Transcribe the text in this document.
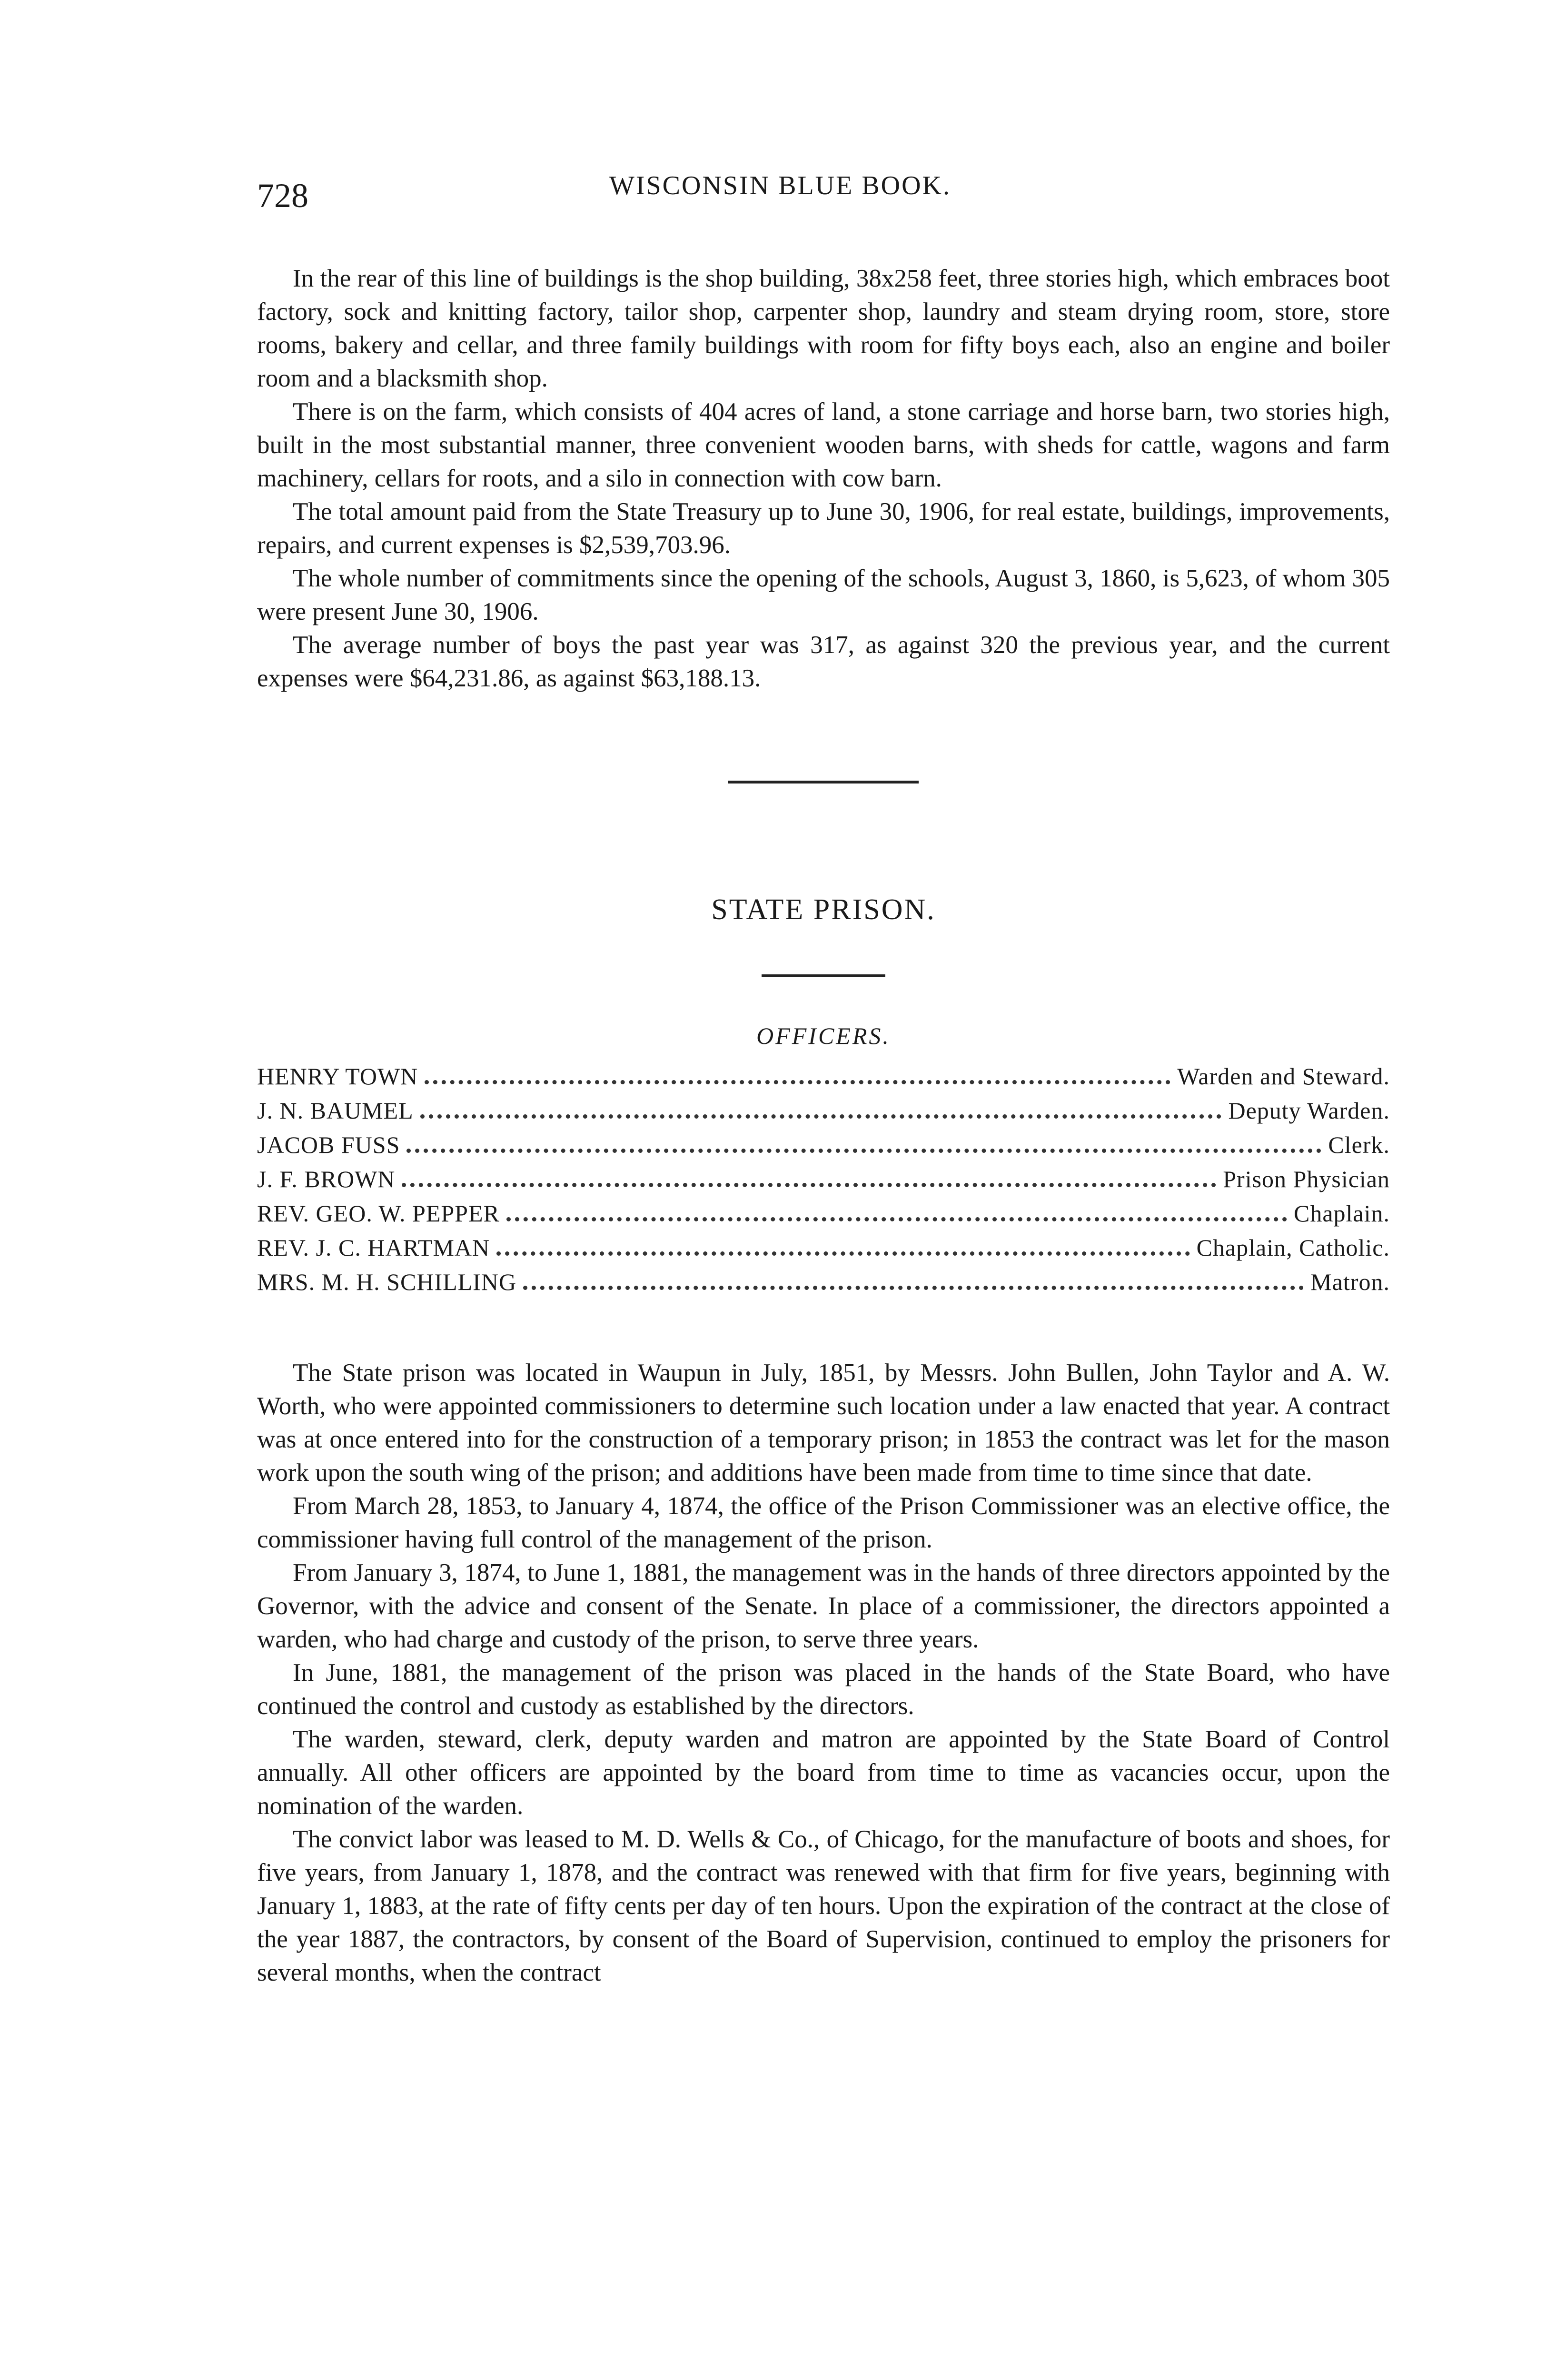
728	WISCONSIN BLUE BOOK.

In the rear of this line of buildings is the shop building, 38x258 feet, three stories high, which embraces boot factory, sock and knitting factory, tailor shop, carpenter shop, laundry and steam drying room, store, store rooms, bakery and cellar, and three family buildings with room for fifty boys each, also an engine and boiler room and a blacksmith shop.

There is on the farm, which consists of 404 acres of land, a stone carriage and horse barn, two stories high, built in the most substantial manner, three convenient wooden barns, with sheds for cattle, wagons and farm machinery, cellars for roots, and a silo in connection with cow barn.

The total amount paid from the State Treasury up to June 30, 1906, for real estate, buildings, improvements, repairs, and current expenses is $2,539,703.96.

The whole number of commitments since the opening of the schools, August 3, 1860, is 5,623, of whom 305 were present June 30, 1906.

The average number of boys the past year was 317, as against 320 the previous year, and the current expenses were $64,231.86, as against $63,188.13.

STATE PRISON.
OFFICERS.
HENRY TOWN	Warden and Steward.
J. N. BAUMEL	Deputy Warden.
JACOB FUSS	Clerk.
J. F. BROWN	Prison Physician
REV. GEO. W. PEPPER	Chaplain.
REV. J. C. HARTMAN	Chaplain, Catholic.
MRS. M. H. SCHILLING	Matron.

The State prison was located in Waupun in July, 1851, by Messrs. John Bullen, John Taylor and A. W. Worth, who were appointed commissioners to determine such location under a law enacted that year. A contract was at once entered into for the construction of a temporary prison; in 1853 the contract was let for the mason work upon the south wing of the prison; and additions have been made from time to time since that date.

From March 28, 1853, to January 4, 1874, the office of the Prison Commissioner was an elective office, the commissioner having full control of the management of the prison.

From January 3, 1874, to June 1, 1881, the management was in the hands of three directors appointed by the Governor, with the advice and consent of the Senate. In place of a commissioner, the directors appointed a warden, who had charge and custody of the prison, to serve three years.

In June, 1881, the management of the prison was placed in the hands of the State Board, who have continued the control and custody as established by the directors.

The warden, steward, clerk, deputy warden and matron are appointed by the State Board of Control annually. All other officers are appointed by the board from time to time as vacancies occur, upon the nomination of the warden.

The convict labor was leased to M. D. Wells & Co., of Chicago, for the manufacture of boots and shoes, for five years, from January 1, 1878, and the contract was renewed with that firm for five years, beginning with January 1, 1883, at the rate of fifty cents per day of ten hours. Upon the expiration of the contract at the close of the year 1887, the contractors, by consent of the Board of Supervision, continued to employ the prisoners for several months, when the contract
